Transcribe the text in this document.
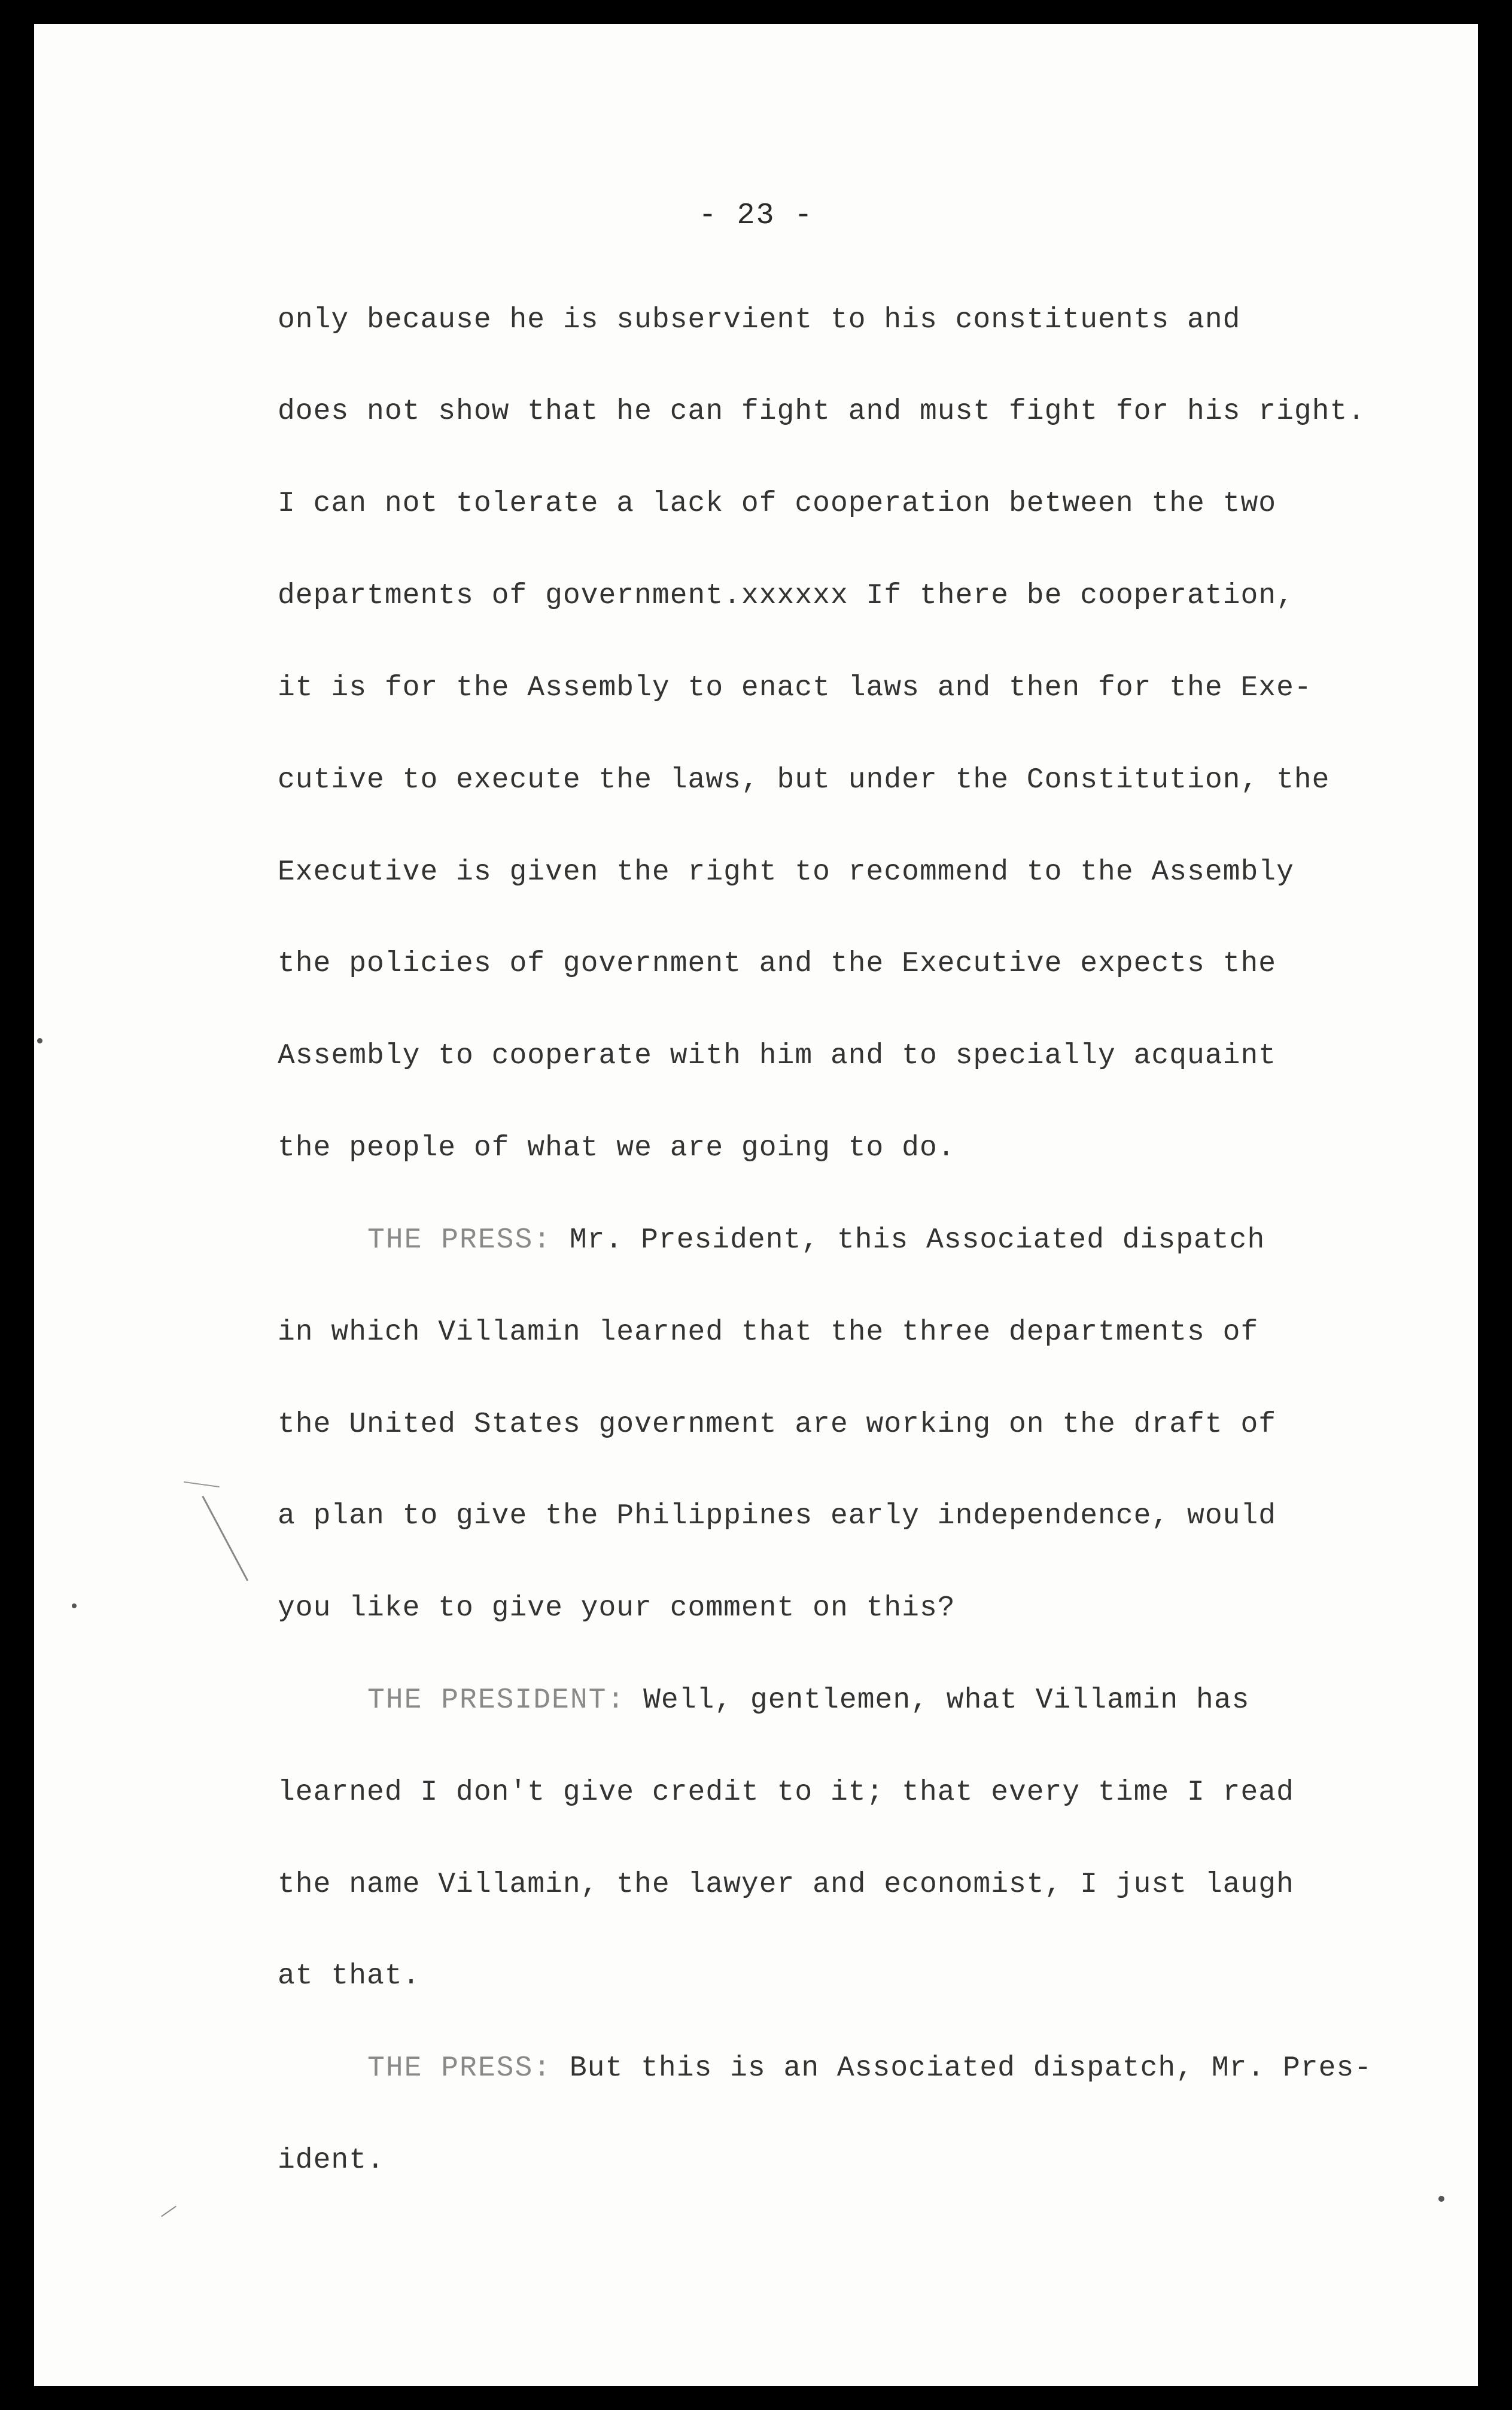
- 23 -
only because he is subservient to his constituents and
does not show that he can fight and must fight for his right.
I can not tolerate a lack of cooperation between the two
departments of government.xxxxxx If there be cooperation,
it is for the Assembly to enact laws and then for the Exe-
cutive to execute the laws, but under the Constitution, the
Executive is given the right to recommend to the Assembly
the policies of government and the Executive expects the
Assembly to cooperate with him and to specially acquaint
the people of what we are going to do.
THE PRESS: Mr. President, this Associated dispatch
in which Villamin learned that the three departments of
the United States government are working on the draft of
a plan to give the Philippines early independence, would
you like to give your comment on this?
THE PRESIDENT: Well, gentlemen, what Villamin has
learned I don't give credit to it; that every time I read
the name Villamin, the lawyer and economist, I just laugh
at that.
THE PRESS: But this is an Associated dispatch, Mr. Pres-
ident.
